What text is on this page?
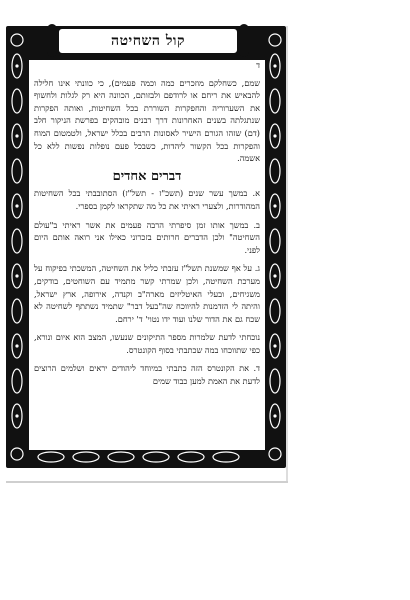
ד

שמם, כשחלקם מוזכרים כמה וכמה פעמים), כי כוונתי אינו חלילה להבאיש את ריחם או לרודפם ולבזותם, הכוונה היא רק לגלות ולחשוף את השערוריה והחפקרות השוררת בכל השחיטות, ואותה הפקרות שנתגלתה בשנים האחרונות דרך רבנים מובהקים בפרשת הניקור חלב (דם) שזהו הגורם הישיר לאסונות הרבים בכלל ישראל, ולטמטום המוח והפקרות בכל הקשור ליהדות, כשבכל פעם נופלות נפשות ללא כל אשמה.

דברים אחדים

א. במשך עשר שנים (תשכ"ז - תשל"ז) הסתובבתי בכל השחיטות המהודרות, ולצערי ראיתי את כל מה שתקראו לקמן בספרי.

ב. במשך אותו זמן סיפרתי הרבה פעמים את אשר ראיתי ב"עולם השחיטה" ולכן הדברים חרותים בזכרוני כאילו אני רואה אותם היום לפני.

ג. על אף שמשנת תשל"ז עזבתי כליל את השחיטה, המשכתי בפיקוח על מערכת השחיטה, ולכן שמרתי קשר מתמיד עם השוחטים, בודקים, משגיחים, ובעלי האיטליזים מארה"ב וקנדה, אירופה, ארץ ישראל, והיתה לי הזדמנות להיווכח שה"בעל דבר" שתמיד נשתתף לשחיטה לא שכח גם את הדור שלנו ועוד ידו נטוי' ד' ירחם.

נוכחתי לדעת שלמרות מספר התיקונים שנעשו, המצב הוא איום ונורא, כפי שתווכחו במה שכתבתי בסוף הקונטרס.

ד. את הקונטרס הזה כתבתי במיוחד ליהודים יראים ושלמים הרוצים לדעת את האמת למען כבוד שמים

קול השחיטה
